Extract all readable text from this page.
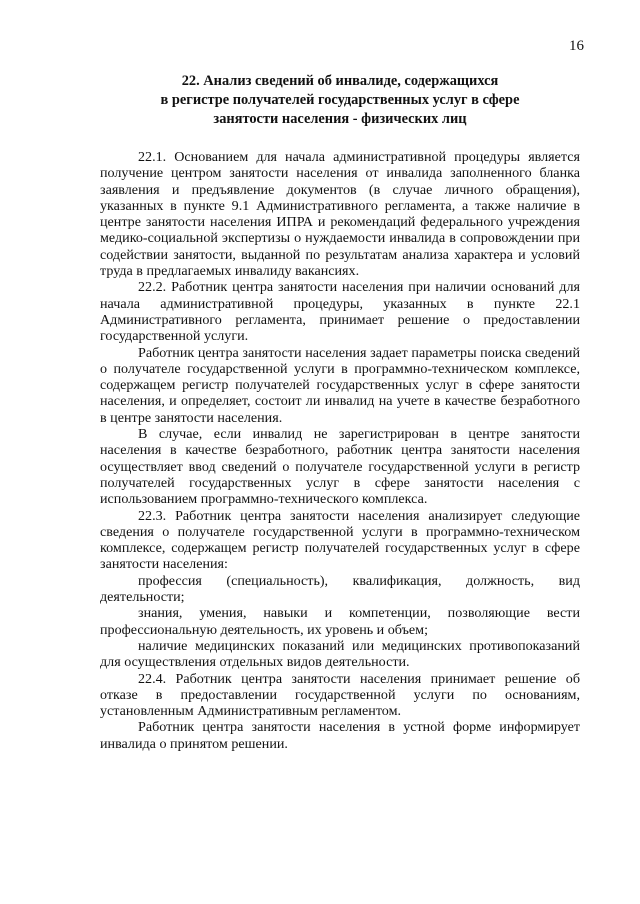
16
22. Анализ сведений об инвалиде, содержащихся
в регистре получателей государственных услуг в сфере
занятости населения - физических лиц

22.1. Основанием для начала административной процедуры является получение центром занятости населения от инвалида заполненного бланка заявления и предъявление документов (в случае личного обращения), указанных в пункте 9.1 Административного регламента, а также наличие в центре занятости населения ИПРА и рекомендаций федерального учреждения медико-социальной экспертизы о нуждаемости инвалида в сопровождении при содействии занятости, выданной по результатам анализа характера и условий труда в предлагаемых инвалиду вакансиях.

22.2. Работник центра занятости населения при наличии оснований для начала административной процедуры, указанных в пункте 22.1 Административного регламента, принимает решение о предоставлении государственной услуги.

Работник центра занятости населения задает параметры поиска сведений о получателе государственной услуги в программно-техническом комплексе, содержащем регистр получателей государственных услуг в сфере занятости населения, и определяет, состоит ли инвалид на учете в качестве безработного в центре занятости населения.

В случае, если инвалид не зарегистрирован в центре занятости населения в качестве безработного, работник центра занятости населения осуществляет ввод сведений о получателе государственной услуги в регистр получателей государственных услуг в сфере занятости населения с использованием программно-технического комплекса.

22.3. Работник центра занятости населения анализирует следующие сведения о получателе государственной услуги в программно-техническом комплексе, содержащем регистр получателей государственных услуг в сфере занятости населения:

профессия (специальность), квалификация, должность, вид деятельности;

знания, умения, навыки и компетенции, позволяющие вести профессиональную деятельность, их уровень и объем;

наличие медицинских показаний или медицинских противопоказаний для осуществления отдельных видов деятельности.

22.4. Работник центра занятости населения принимает решение об отказе в предоставлении государственной услуги по основаниям, установленным Административным регламентом.

Работник центра занятости населения в устной форме информирует инвалида о принятом решении.
